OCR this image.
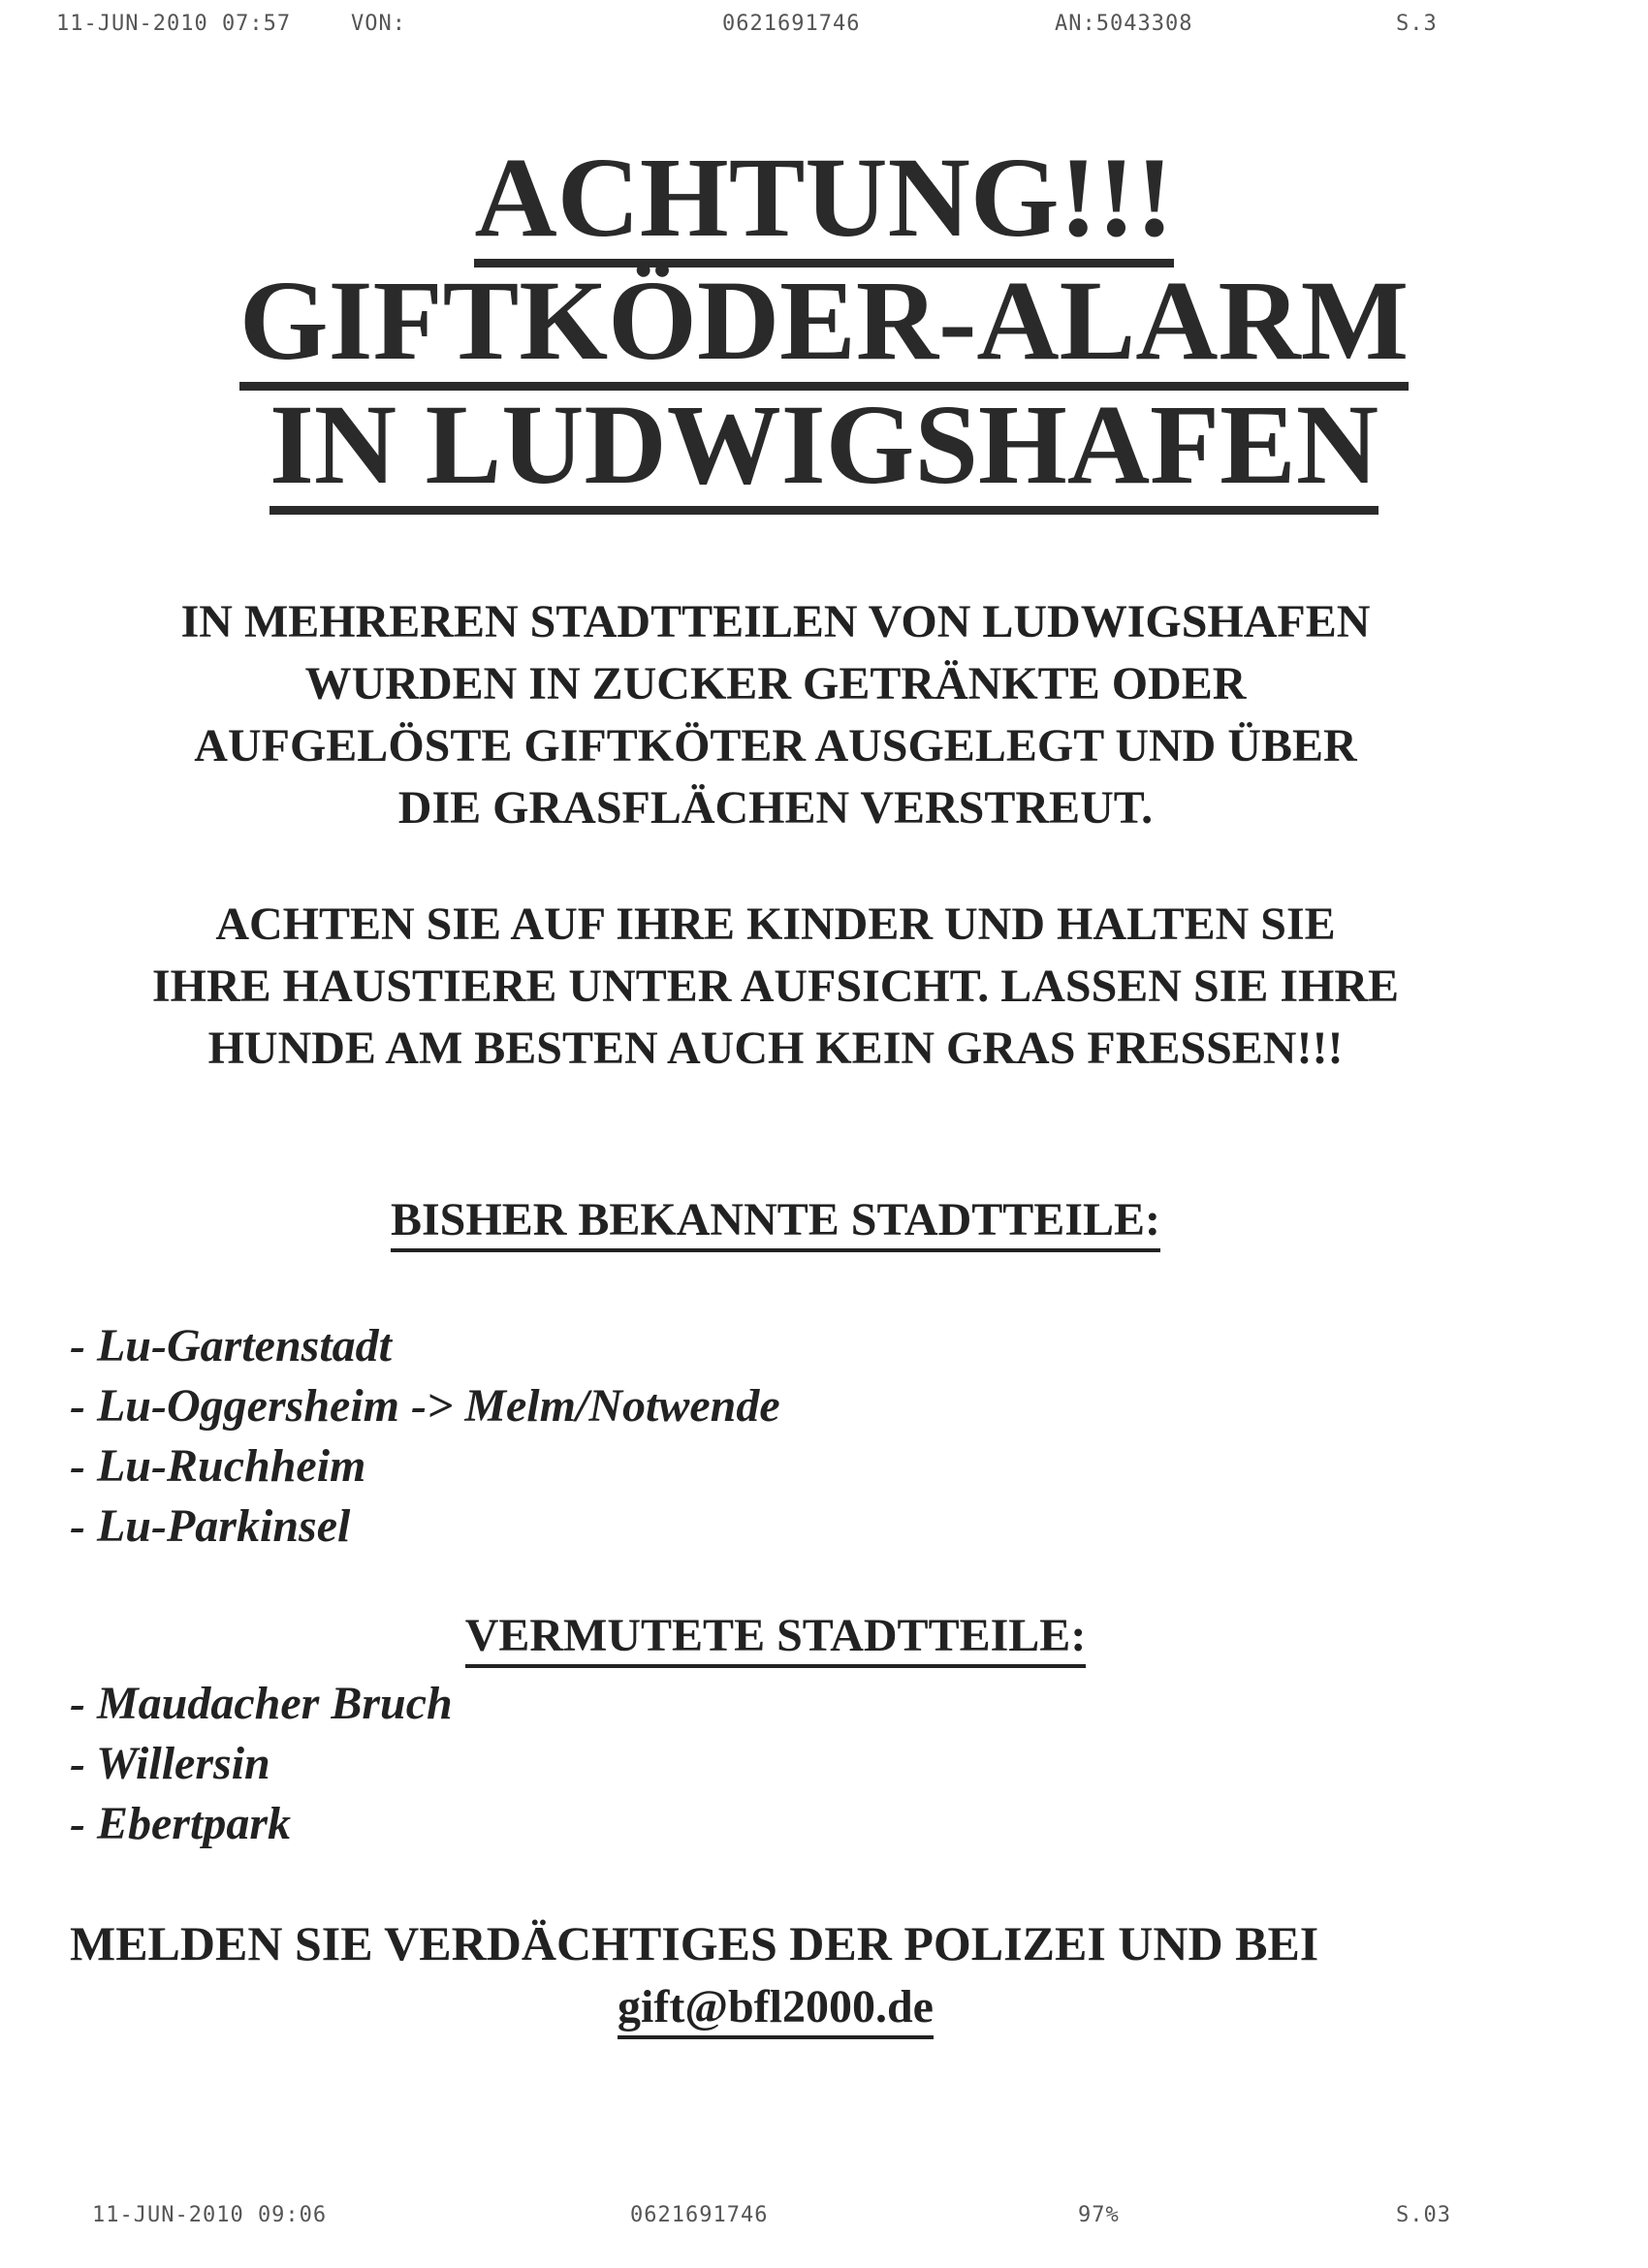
11-JUN-2010 07:57	VON:	0621691746	AN:5043308	S.3
ACHTUNG!!!
GIFTKÖDER-ALARM
IN LUDWIGSHAFEN
IN MEHREREN STADTTEILEN VON LUDWIGSHAFEN
WURDEN IN ZUCKER GETRÄNKTE ODER
AUFGELÖSTE GIFTKÖTER AUSGELEGT UND ÜBER
DIE GRASFLÄCHEN VERSTREUT.
ACHTEN SIE AUF IHRE KINDER UND HALTEN SIE
IHRE HAUSTIERE UNTER AUFSICHT. LASSEN SIE IHRE
HUNDE AM BESTEN AUCH KEIN GRAS FRESSEN!!!
BISHER BEKANNTE STADTTEILE:
- Lu-Gartenstadt
- Lu-Oggersheim -> Melm/Notwende
- Lu-Ruchheim
- Lu-Parkinsel
VERMUTETE STADTTEILE:
- Maudacher Bruch
- Willersin
- Ebertpark
MELDEN SIE VERDÄCHTIGES DER POLIZEI UND BEI
gift@bfl2000.de
11-JUN-2010 09:06	0621691746	97%	S.03
